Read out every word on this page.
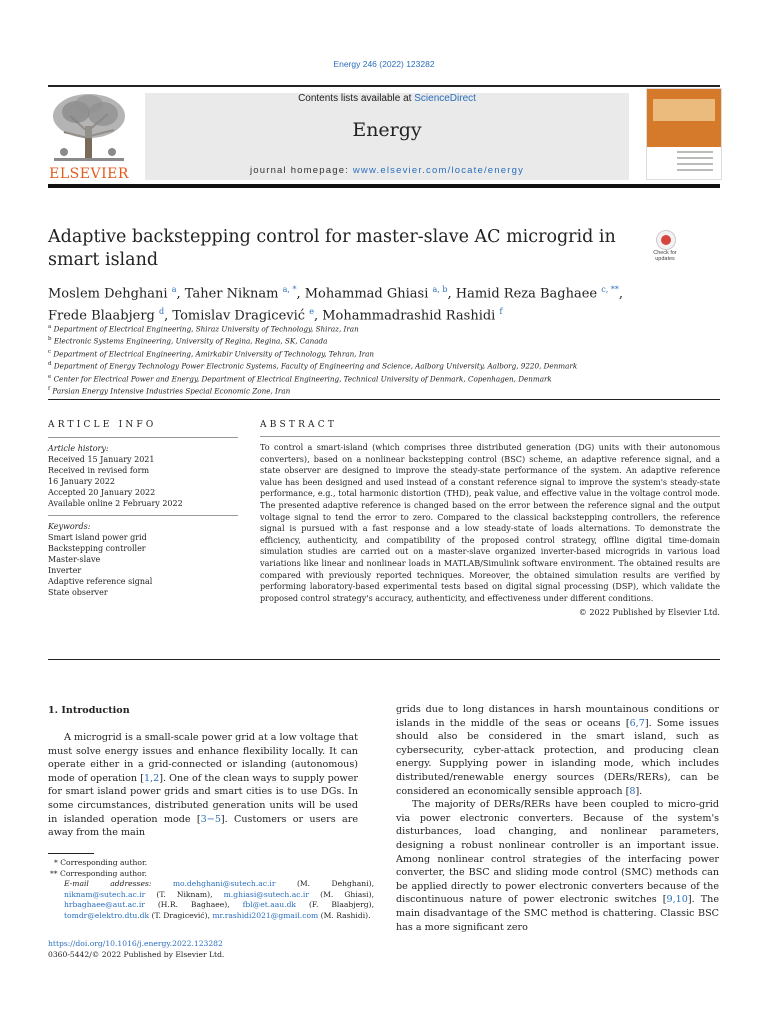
Energy 246 (2022) 123282
ELSEVIER
Contents lists available at ScienceDirect
Energy
journal homepage: www.elsevier.com/locate/energy
Adaptive backstepping control for master-slave AC microgrid in smart island	Check for updates
Moslem Dehghani $^a$, Taher Niknam $^{a, *}$, Mohammad Ghiasi $^{a, b}$, Hamid Reza Baghaee $^{c, **}$,
Frede Blaabjerg $^d$, Tomislav Dragicević $^e$, Mohammadrashid Rashidi $^f$
$^a$ Department of Electrical Engineering, Shiraz University of Technology, Shiraz, Iran
$^b$ Electronic Systems Engineering, University of Regina, Regina, SK, Canada
$^c$ Department of Electrical Engineering, Amirkabir University of Technology, Tehran, Iran
$^d$ Department of Energy Technology Power Electronic Systems, Faculty of Engineering and Science, Aalborg University, Aalborg, 9220, Denmark
$^e$ Center for Electrical Power and Energy, Department of Electrical Engineering, Technical University of Denmark, Copenhagen, Denmark
$^f$ Parsian Energy Intensive Industries Special Economic Zone, Iran
ARTICLE INFO
Article history:
Received 15 January 2021
Received in revised form
16 January 2022
Accepted 20 January 2022
Available online 2 February 2022
Keywords:
Smart island power grid
Backstepping controller
Master-slave
Inverter
Adaptive reference signal
State observer
ABSTRACT
To control a smart-island (which comprises three distributed generation (DG) units with their autonomous converters), based on a nonlinear backstepping control (BSC) scheme, an adaptive reference signal, and a state observer are designed to improve the steady-state performance of the system. An adaptive reference value has been designed and used instead of a constant reference signal to improve the system's steady-state performance, e.g., total harmonic distortion (THD), peak value, and effective value in the voltage control mode. The presented adaptive reference is changed based on the error between the reference signal and the output voltage signal to tend the error to zero. Compared to the classical backstepping controllers, the reference signal is pursued with a fast response and a low steady-state of loads alternations. To demonstrate the efficiency, authenticity, and compatibility of the proposed control strategy, offline digital time-domain simulation studies are carried out on a master-slave organized inverter-based microgrids in various load variations like linear and nonlinear loads in MATLAB/Simulink software environment. The obtained results are compared with previously reported techniques. Moreover, the obtained simulation results are verified by performing laboratory-based experimental tests based on digital signal processing (DSP), which validate the proposed control strategy's accuracy, authenticity, and effectiveness under different conditions.
© 2022 Published by Elsevier Ltd.
1. Introduction

A microgrid is a small-scale power grid at a low voltage that must solve energy issues and enhance flexibility locally. It can operate either in a grid-connected or islanding (autonomous) mode of operation [1,2]. One of the clean ways to supply power for smart island power grids and smart cities is to use DGs. In some circumstances, distributed generation units will be used in islanded operation mode [3−5]. Customers or users are away from the main

grids due to long distances in harsh mountainous conditions or islands in the middle of the seas or oceans [6,7]. Some issues should also be considered in the smart island, such as cybersecurity, cyber-attack protection, and producing clean energy. Supplying power in islanding mode, which includes distributed/renewable energy sources (DERs/RERs), can be considered an economically sensible approach [8].

The majority of DERs/RERs have been coupled to micro-grid via power electronic converters. Because of the system's disturbances, load changing, and nonlinear parameters, designing a robust nonlinear controller is an important issue. Among nonlinear control strategies of the interfacing power converter, the BSC and sliding mode control (SMC) methods can be applied directly to power electronic converters because of the discontinuous nature of power electronic switches [9,10]. The main disadvantage of the SMC method is chattering. Classic BSC has a more significant zero

* Corresponding author.
** Corresponding author.
E-mail addresses: mo.dehghani@sutech.ac.ir (M. Dehghani), niknam@sutech.ac.ir (T. Niknam), m.ghiasi@sutech.ac.ir (M. Ghiasi), hrbaghaee@aut.ac.ir (H.R. Baghaee), fbl@et.aau.dk (F. Blaabjerg), tomdr@elektro.dtu.dk (T. Dragicević), mr.rashidi2021@gmail.com (M. Rashidi).
https://doi.org/10.1016/j.energy.2022.123282
0360-5442/© 2022 Published by Elsevier Ltd.
